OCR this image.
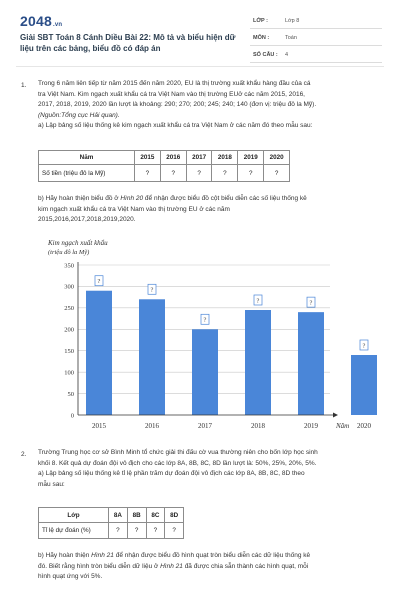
2048.vn
Giải SBT Toán 8 Cánh Diều Bài 22: Mô tả và biểu hiện dữ liệu trên các bảng, biểu đồ có đáp án
LỚP :	Lớp 8
MÔN :	Toán
SỐ CÂU : 4
1. Trong 6 năm liên tiếp từ năm 2015 đến năm 2020, EU là thị trường xuất khẩu hàng đầu của cá
tra Việt Nam. Kim ngạch xuất khẩu cá tra Việt Nam vào thị trường EUở các năm 2015, 2016,
2017, 2018, 2019, 2020 lần lượt là khoảng: 290; 270; 200; 245; 240; 140 (đơn vị: triệu đô la Mỹ).
(Nguồn:Tổng cục Hải quan).
a) Lập bảng số liệu thống kê kim ngạch xuất khẩu cá tra Việt Nam ở các năm đó theo mẫu sau:
Năm	2015	2016	2017	2018	2019	2020
Số tiền (triệu đô la Mỹ)	?	?	?	?	?	?
b) Hãy hoàn thiện biểu đồ ở Hình 20 để nhận được biểu đồ cột biểu diễn các số liệu thống kê
kim ngạch xuất khẩu cá tra Việt Nam vào thị trường EU ở các năm
2015,2016,2017,2018,2019,2020.
Kim ngạch xuất khẩu
(triệu đô la Mỹ)
0
50
100
150
200
250
300
350
?
?
?
?	?
?
2015	2016	2017	2018	2019	2020
Năm
2. Trường Trung học cơ sở Bình Minh tổ chức giải thi đấu cờ vua thường niên cho bốn lớp học sinh
khối 8. Kết quả dự đoán đội vô địch cho các lớp 8A, 8B, 8C, 8D lần lượt là: 50%, 25%, 20%, 5%.
a) Lập bảng số liệu thống kê tỉ lệ phần trăm dự đoán đội vô địch các lớp 8A, 8B, 8C, 8D theo
mẫu sau:
Lớp	8A	8B	8C	8D
Tỉ lệ dự đoán (%)	?	?	?	?
b) Hãy hoàn thiện Hình 21 để nhận được biểu đồ hình quạt tròn biểu diễn các dữ liệu thống kê
đó. Biết rằng hình tròn biểu diễn dữ liệu ở Hình 21 đã được chia sẵn thành các hình quạt, mỗi
hình quạt ứng với 5%.
